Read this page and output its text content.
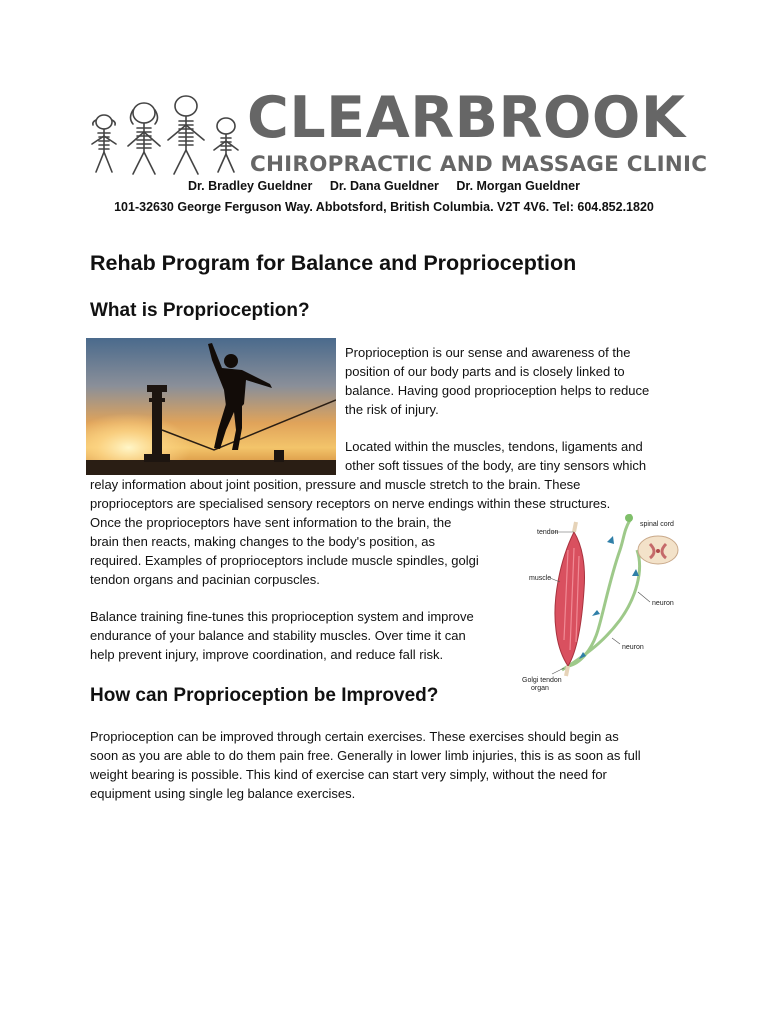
CLEARBROOK
CHIROPRACTIC AND MASSAGE CLINIC
Dr. Bradley Gueldner Dr. Dana Gueldner Dr. Morgan Gueldner
101-32630 George Ferguson Way. Abbotsford, British Columbia. V2T 4V6. Tel: 604.852.1820
Rehab Program for Balance and Proprioception
What is Proprioception?
Proprioception is our sense and awareness of the
position of our body parts and is closely linked to
balance. Having good proprioception helps to reduce
the risk of injury.
Located within the muscles, tendons, ligaments and
other soft tissues of the body, are tiny sensors which
relay information about joint position, pressure and muscle stretch to the brain. These
proprioceptors are specialised sensory receptors on nerve endings within these structures.
Once the proprioceptors have sent information to the brain, the
brain then reacts, making changes to the body's position, as
required. Examples of proprioceptors include muscle spindles, golgi
tendon organs and pacinian corpuscles.
Balance training fine-tunes this proprioception system and improve
endurance of your balance and stability muscles. Over time it can
help prevent injury, improve coordination, and reduce fall risk.
tendon
spinal cord
muscle
neuron
neuron
Golgi tendon
organ
How can Proprioception be Improved?
Proprioception can be improved through certain exercises. These exercises should begin as
soon as you are able to do them pain free. Generally in lower limb injuries, this is as soon as full
weight bearing is possible. This kind of exercise can start very simply, without the need for
equipment using single leg balance exercises.
